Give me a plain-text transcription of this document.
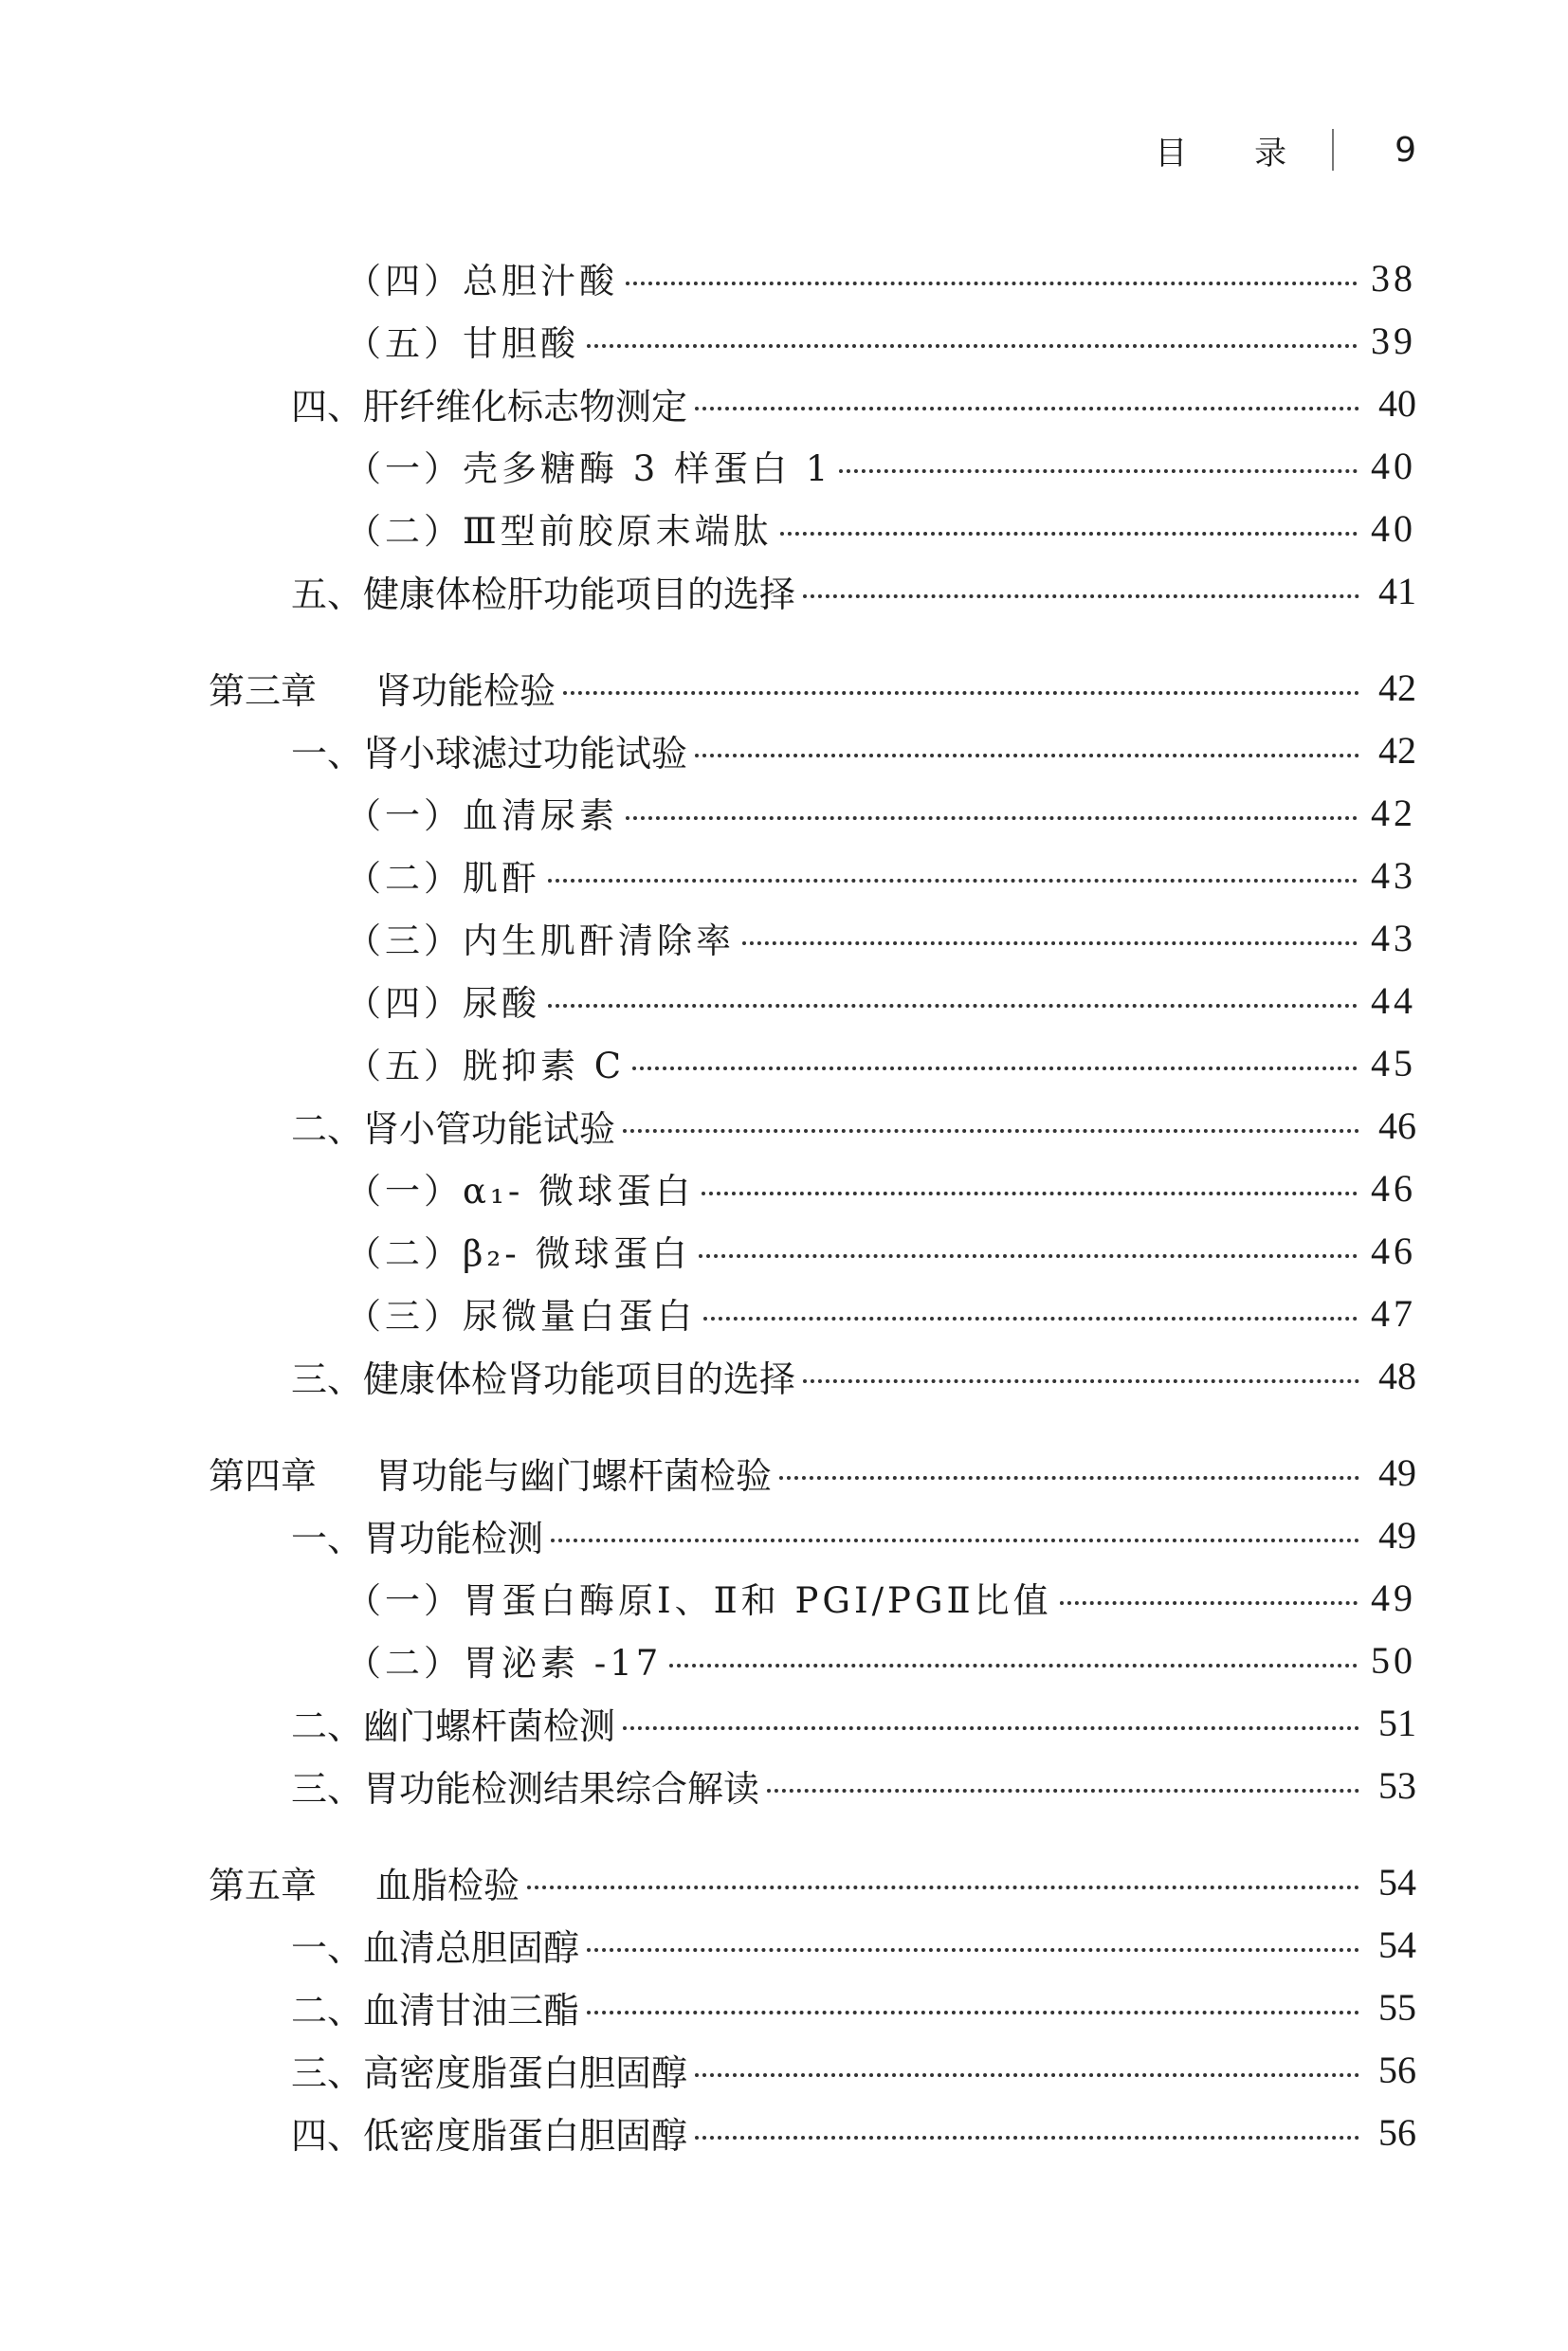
目 录 9
（四）总胆汁酸	38
（五）甘胆酸	39
四、肝纤维化标志物测定	40
（一）壳多糖酶 3 样蛋白 1	40
（二）Ⅲ型前胶原末端肽	40
五、健康体检肝功能项目的选择	41
第三章	肾功能检验	42
一、肾小球滤过功能试验	42
（一）血清尿素	42
（二）肌酐	43
（三）内生肌酐清除率	43
（四）尿酸	44
（五）胱抑素 C	45
二、肾小管功能试验	46
（一）α₁- 微球蛋白	46
（二）β₂- 微球蛋白	46
（三）尿微量白蛋白	47
三、健康体检肾功能项目的选择	48
第四章	胃功能与幽门螺杆菌检验	49
一、胃功能检测	49
（一）胃蛋白酶原Ⅰ、Ⅱ和 PGⅠ/PGⅡ比值	49
（二）胃泌素 -17	50
二、幽门螺杆菌检测	51
三、胃功能检测结果综合解读	53
第五章	血脂检验	54
一、血清总胆固醇	54
二、血清甘油三酯	55
三、高密度脂蛋白胆固醇	56
四、低密度脂蛋白胆固醇	56
